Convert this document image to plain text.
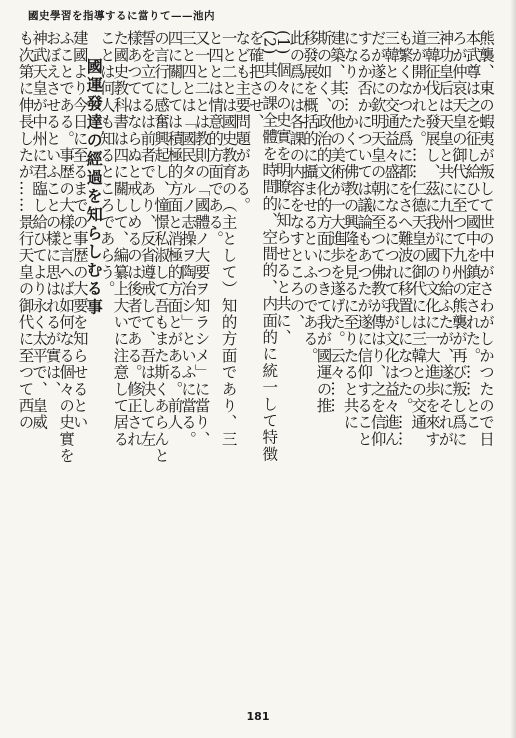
國史學習を指導するに當りて——池内
熊襲、東の蝦夷が叛して世の中がさわがしかつたので日
本武尊は之を征し給ひて國中を鎮定された。……とこ
ろが仲哀天皇の御代に至つて九州の熊襲が再び叛し爲に
神功皇后は天皇と共に九州に下り給ふたが、遂にそれが
三韓征伐と發展し、茲に我が國の文化に一大進歩を來す
道が開かれた。……仁德天皇の御代には三韓との交通
も繁くなつた爲に都をさへ難波に移置しになつた。……
三韓との交通益々盛になるにつれて我が文化は益々進ん
だが遂に欽明天皇の朝に至つて佛教が傳はり、之を信仰
するか否かについては議論もあつたが遂に信仰すること
になり……かくて佛教の興隆を見るに至りたると共に
建築、其の他の美術が一大進歩を遂げた。云々……
斯の如く、政治的文化的方面につきて我が國運の推
移發展を概括的に攝ませるといふのである。
此の爲には各課の内容をなすところの、
(1) 個々の史實を明瞭に知らせると共に、
(2) 其の課全體を時間的、空間的、内面的に統一して特徴
を確把させ、
なども主要問題がある。
一と二とは國史教育の（主として）知的方面であり、三
と四とは情意的方面である。
又一と二とは教則の「國體ノ大要ヲ知ラシメ」に當り、
三と四とは「國民タルノ志操ヲ陶冶シ」といふに當る。
四に關しては積極的方面と消極的方面とがある。前人
の言行に感奮興起し、憧憬私淑して吾もまた斯くあらんと
誓を立てるは前者であり、反省遵戒して、吾は決して左
樣あつてはならぬと戒しめるのは後者である。修正され
た國史教科書は四に關して、編纂上大いに注意して居る
ことは何人も知るところであらう。
國運發達の經過を知らしむる事
建國より今日に至るまでの事歴の大要を知らせるとい
ふことである。事歴の大樣と言へば如何なる個々の史實を
おぼえさせるといふことの樣に思はれるが實は、
神武天皇が中州に君臨し給ひてより永く太平で、皇威
も次第に伸長したが……景行天皇の御代に至つて西の
181
